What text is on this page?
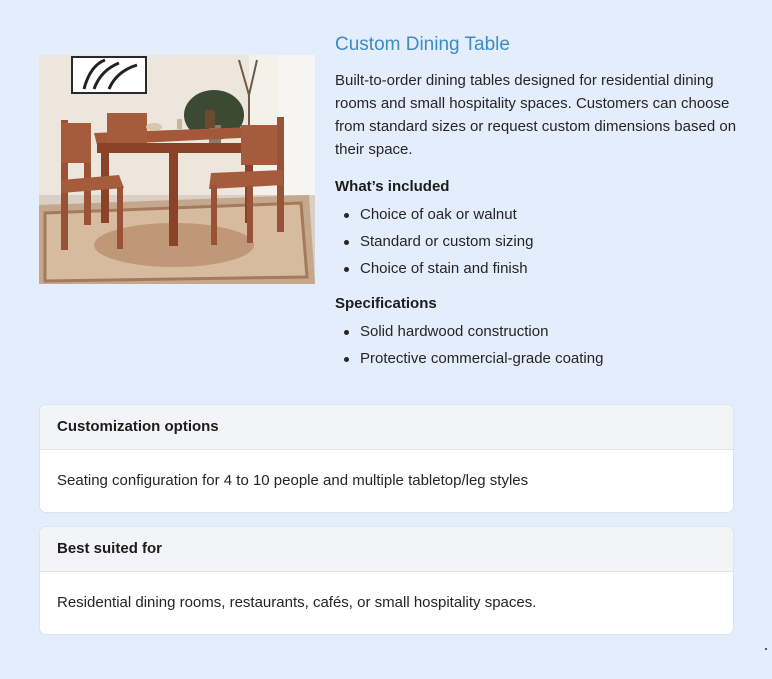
Custom Dining Table

Built-to-order dining tables designed for residential dining rooms and small hospitality spaces. Customers can choose from standard sizes or request custom dimensions based on their space.

What’s included
Choice of oak or walnut
Standard or custom sizing
Choice of stain and finish
Specifications
Solid hardwood construction
Protective commercial-grade coating
Customization options
Seating configuration for 4 to 10 people and multiple tabletop/leg styles
Best suited for
Residential dining rooms, restaurants, cafés, or small hospitality spaces.
